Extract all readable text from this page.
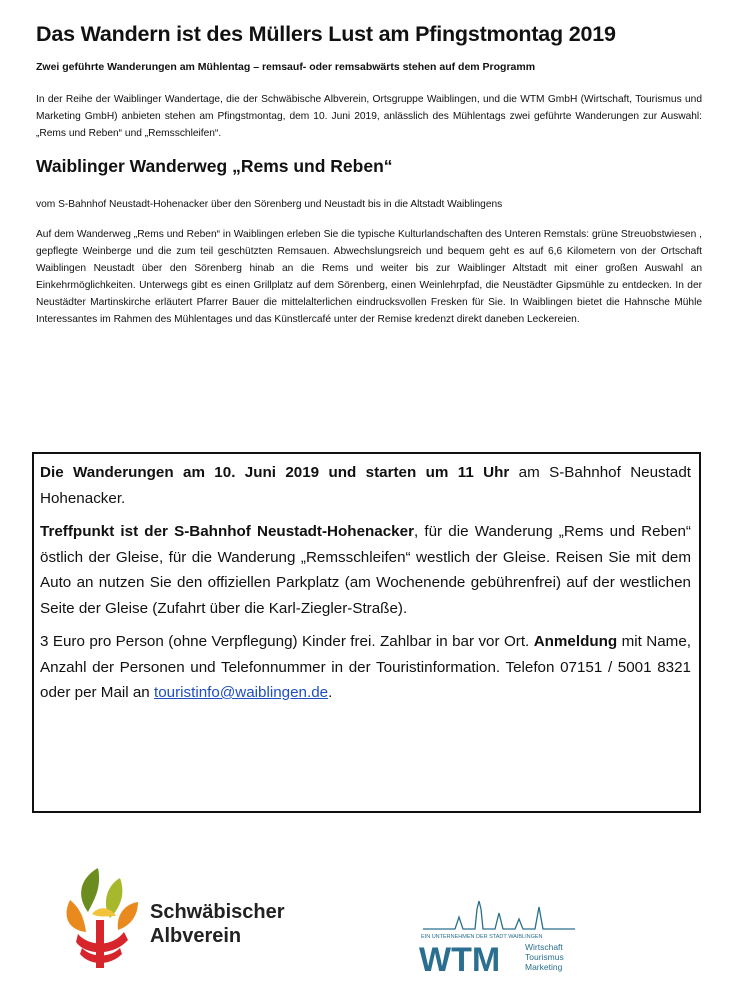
Das Wandern ist des Müllers Lust am Pfingstmontag 2019
Zwei geführte Wanderungen am Mühlentag – remsauf- oder remsabwärts stehen auf dem Programm

In der Reihe der Waiblinger Wandertage, die der Schwäbische Albverein, Ortsgruppe Waiblingen, und die WTM GmbH (Wirtschaft, Tourismus und Marketing GmbH) anbieten stehen am Pfingstmontag, dem 10. Juni 2019, anlässlich des Mühlentags zwei geführte Wanderungen zur Auswahl: „Rems und Reben“ und „Remsschleifen“.

Waiblinger Wanderweg „Rems und Reben“
vom S-Bahnhof Neustadt-Hohenacker über den Sörenberg und Neustadt bis in die Altstadt Waiblingens

Auf dem Wanderweg „Rems und Reben“ in Waiblingen erleben Sie die typische Kulturlandschaften des Unteren Remstals: grüne Streuobstwiesen , gepflegte Weinberge und die zum teil geschützten Remsauen. Abwechslungsreich und bequem geht es auf 6,6 Kilometern von der Ortschaft Waiblingen Neustadt über den Sörenberg hinab an die Rems und weiter bis zur Waiblinger Altstadt mit einer großen Auswahl an Einkehrmöglichkeiten. Unterwegs gibt es einen Grillplatz auf dem Sörenberg, einen Weinlehrpfad, die Neustädter Gipsmühle zu entdecken. In der Neustädter Martinskirche erläutert Pfarrer Bauer die mittelalterlichen eindrucksvollen Fresken für Sie. In Waiblingen bietet die Hahnsche Mühle Interessantes im Rahmen des Mühlentages und das Künstlercafé unter der Remise kredenzt direkt daneben Leckereien.

Die Wanderungen am 10. Juni 2019 und starten um 11 Uhr am S-Bahnhof Neustadt Hohenacker.

Treffpunkt ist der S-Bahnhof Neustadt-Hohenacker, für die Wanderung „Rems und Reben“ östlich der Gleise, für die Wanderung „Remsschleifen“ westlich der Gleise. Reisen Sie mit dem Auto an nutzen Sie den offiziellen Parkplatz (am Wochenende gebührenfrei) auf der westlichen Seite der Gleise (Zufahrt über die Karl-Ziegler-Straße).

3 Euro pro Person (ohne Verpflegung) Kinder frei. Zahlbar in bar vor Ort. Anmeldung mit Name, Anzahl der Personen und Telefonnummer in der Touristinformation. Telefon 07151 / 5001 8321 oder per Mail an touristinfo@waiblingen.de.

Schwäbischer
Albverein	EIN UNTERNEHMEN DER STADT WAIBLINGEN
WTM	Wirtschaft
Tourismus
Marketing
